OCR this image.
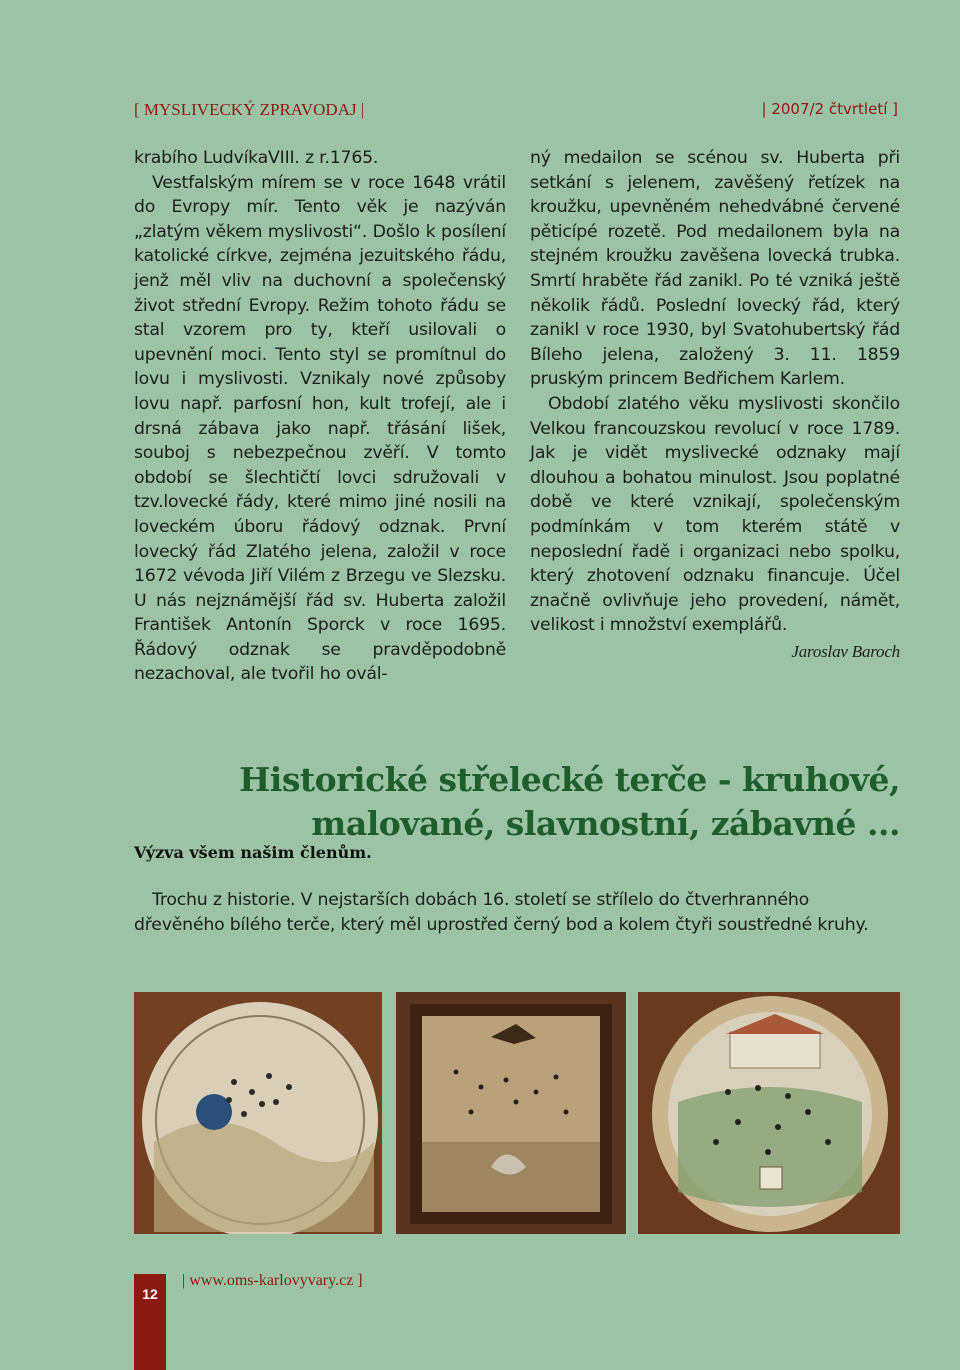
[ MYSLIVECKÝ ZPRAVODAJ |	| 2007/2 čtvrtletí ]

krabího LudvíkaVIII. z r.1765.

Vestfalským mírem se v roce 1648 vrátil do Evropy mír. Tento věk je nazýván „zlatým věkem myslivosti“. Došlo k posílení katolické církve, zejména jezuitského řádu, jenž měl vliv na duchovní a společenský život střední Evropy. Režim tohoto řádu se stal vzorem pro ty, kteří usilovali o upevnění moci. Tento styl se promítnul do lovu i myslivosti. Vznikaly nové způsoby lovu např. parfosní hon, kult trofejí, ale i drsná zábava jako např. třásání lišek, souboj s nebezpečnou zvěří. V tomto období se šlechtičtí lovci sdružovali v tzv.lovecké řády, které mimo jiné nosili na loveckém úboru řádový odznak. První lovecký řád Zlatého jelena, založil v roce 1672 vévoda Jiří Vilém z Brzegu ve Slezsku. U nás nejznámější řád sv. Huberta založil František Antonín Sporck v roce 1695. Řádový odznak se pravděpodobně nezachoval, ale tvořil ho ovál-

ný medailon se scénou sv. Huberta při setkání s jelenem, zavěšený řetízek na kroužku, upevněném nehedvábné červené pěticípé rozetě. Pod medailonem byla na stejném kroužku zavěšena lovecká trubka. Smrtí hraběte řád zanikl. Po té vzniká ještě několik řádů. Poslední lovecký řád, který zanikl v roce 1930, byl Svatohubertský řád Bíleho jelena, založený 3. 11. 1859 pruským princem Bedřichem Karlem.

Období zlatého věku myslivosti skončilo Velkou francouzskou revolucí v roce 1789. Jak je vidět myslivecké odznaky mají dlouhou a bohatou minulost. Jsou poplatné době ve které vznikají, společenským podmínkám v tom kterém státě v neposlední řadě i organizaci nebo spolku, který zhotovení odznaku financuje. Účel značně ovlivňuje jeho provedení, námět, velikost i množství exemplářů.

Jaroslav Baroch

Historické střelecké terče - kruhové,
malované, slavnostní, zábavné ...
Výzva všem našim členům.

Trochu z historie. V nejstarších dobách 16. století se střílelo do čtverhranného dřevěného bílého terče, který měl uprostřed černý bod a kolem čtyři soustředné kruhy.

12
| www.oms-karlovyvary.cz ]
